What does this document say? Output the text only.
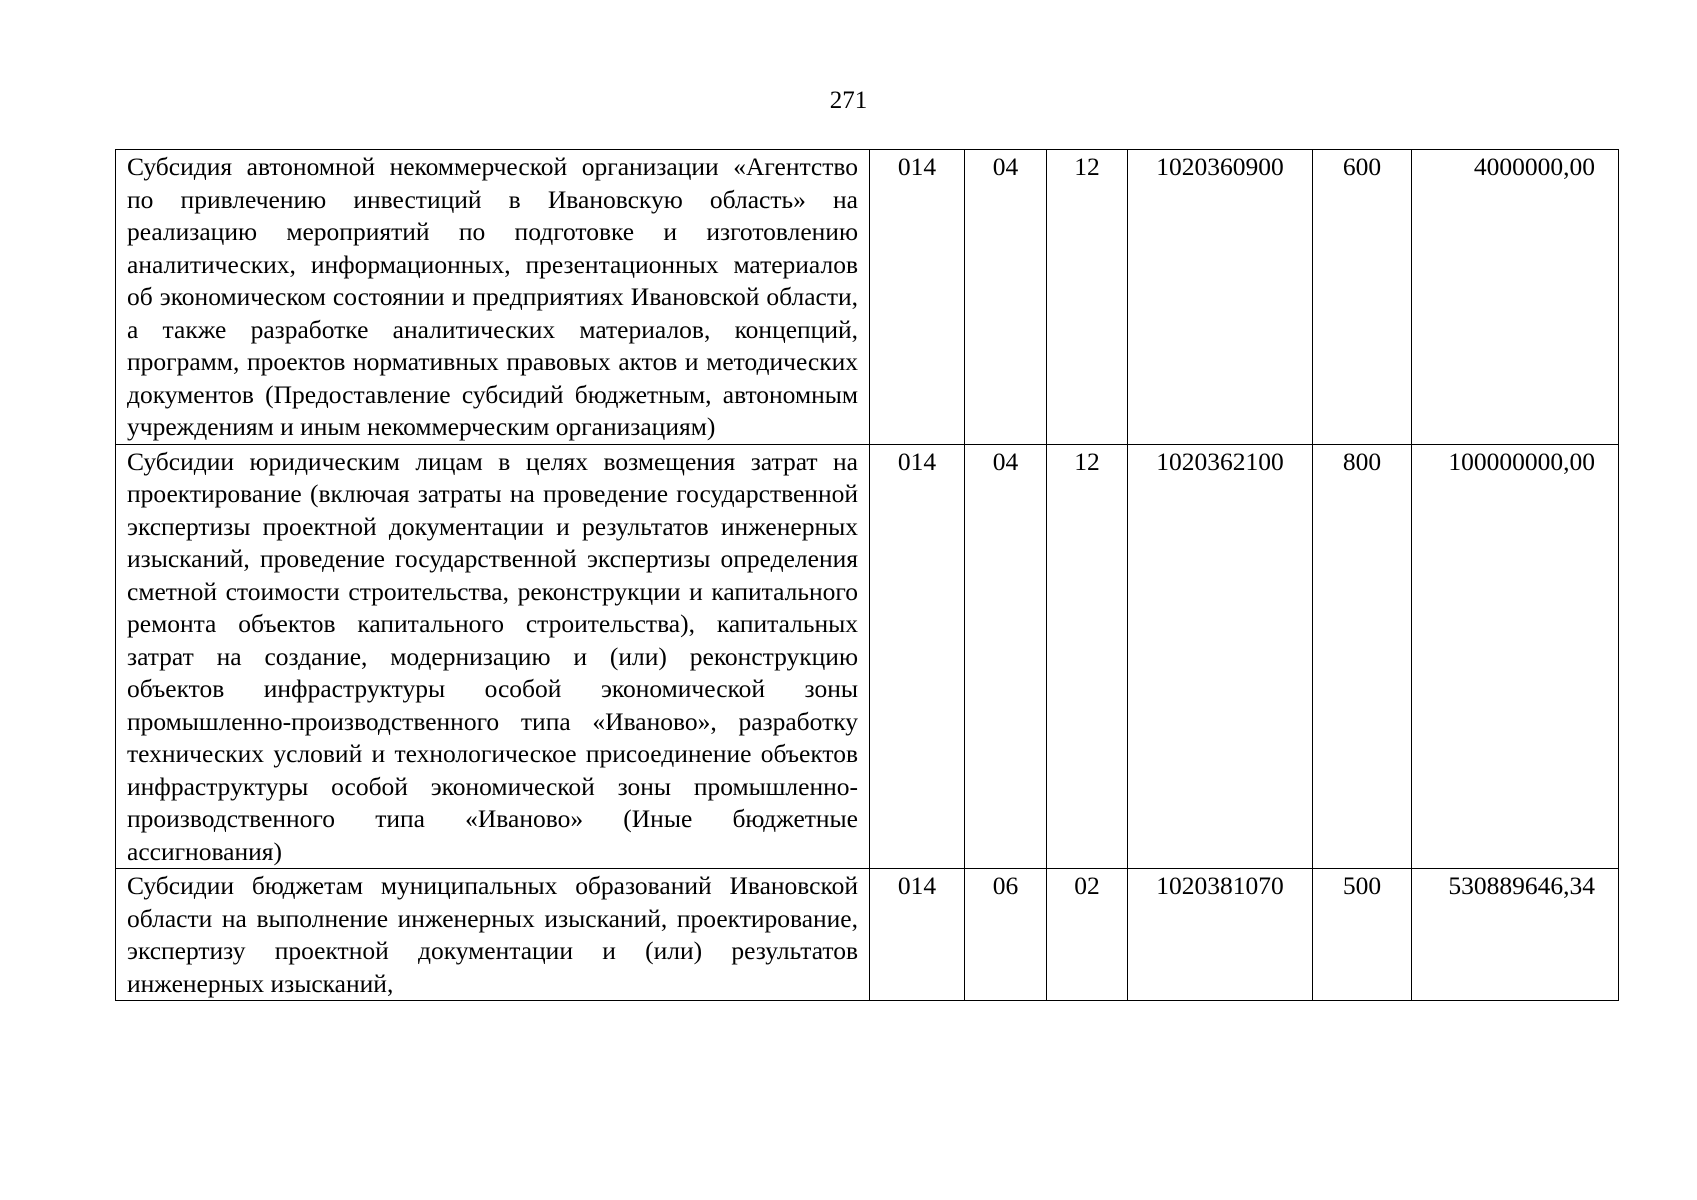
271
Субсидия автономной некоммерческой организации «Агентство по привлечению инвестиций в Ивановскую область» на реализацию мероприятий по подготовке и изготовлению аналитических, информационных, презентационных материалов об экономическом состоянии и предприятиях Ивановской области, а также разработке аналитических материалов, концепций, программ, проектов нормативных правовых актов и методических документов (Предоставление субсидий бюджетным, автономным учреждениям и иным некоммерческим организациям)	014	04	12	1020360900	600	4000000,00
Субсидии юридическим лицам в целях возмещения затрат на проектирование (включая затраты на проведение государственной экспертизы проектной документации и результатов инженерных изысканий, проведение государственной экспертизы определения сметной стоимости строительства, реконструкции и капитального ремонта объектов капитального строительства), капитальных затрат на создание, модернизацию и (или) реконструкцию объектов инфраструктуры особой экономической зоны промышленно-производственного типа «Иваново», разработку технических условий и технологическое присоединение объектов инфраструктуры особой экономической зоны промышленно-производственного типа «Иваново» (Иные бюджетные ассигнования)	014	04	12	1020362100	800	100000000,00
Субсидии бюджетам муниципальных образований Ивановской области на выполнение инженерных изысканий, проектирование, экспертизу проектной документации и (или) результатов инженерных изысканий,	014	06	02	1020381070	500	530889646,34
